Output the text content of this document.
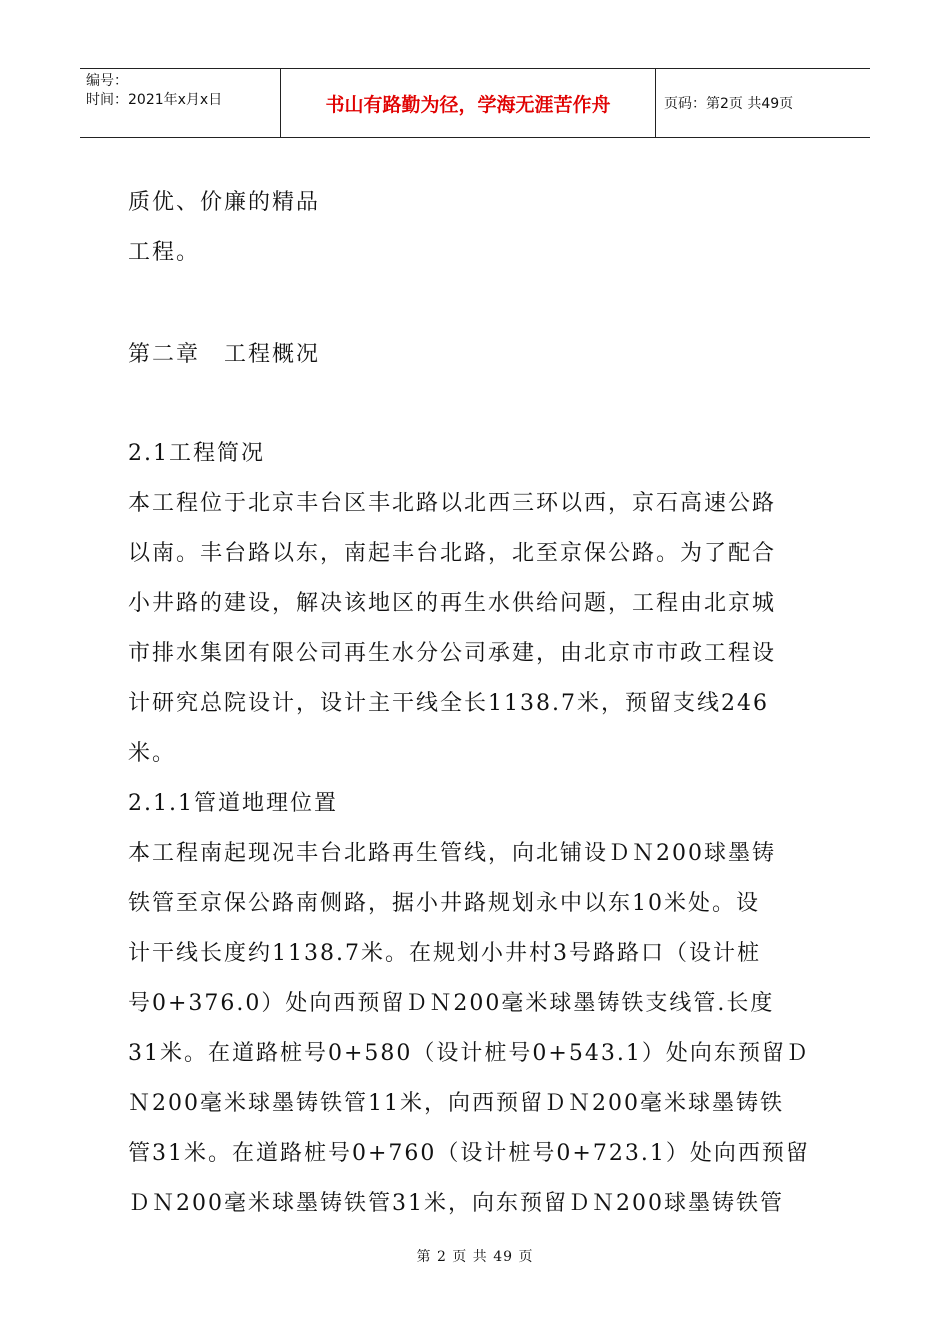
编号：
时间：2021年x月x日	书山有路勤为径，学海无涯苦作舟	页码：第2页 共49页
质优、价廉的精品
工程。
第二章　工程概况
2.1工程简况
本工程位于北京丰台区丰北路以北西三环以西，京石高速公路
以南。丰台路以东，南起丰台北路，北至京保公路。为了配合
小井路的建设，解决该地区的再生水供给问题，工程由北京城
市排水集团有限公司再生水分公司承建，由北京市市政工程设
计研究总院设计，设计主干线全长1138.7米，预留支线246
米。
2.1.1管道地理位置
本工程南起现况丰台北路再生管线，向北铺设ＤＮ200球墨铸
铁管至京保公路南侧路，据小井路规划永中以东10米处。设
计干线长度约1138.7米。在规划小井村3号路路口（设计桩
号0+376.0）处向西预留ＤＮ200毫米球墨铸铁支线管.长度
31米。在道路桩号0+580（设计桩号0+543.1）处向东预留Ｄ
Ｎ200毫米球墨铸铁管11米，向西预留ＤＮ200毫米球墨铸铁
管31米。在道路桩号0+760（设计桩号0+723.1）处向西预留
ＤＮ200毫米球墨铸铁管31米，向东预留ＤＮ200球墨铸铁管
第 2 页 共 49 页
